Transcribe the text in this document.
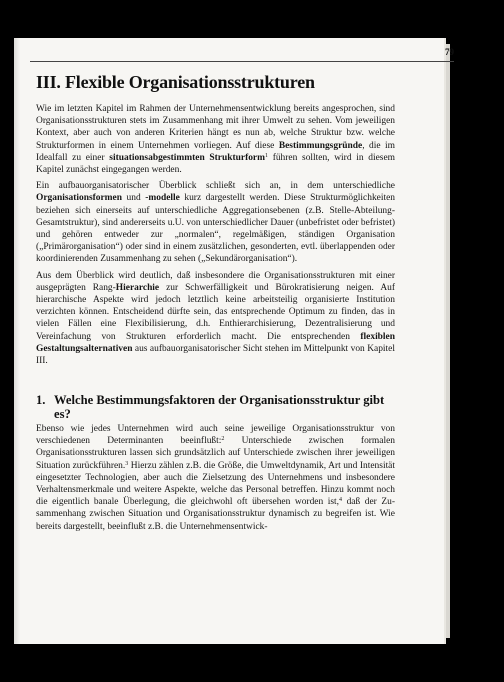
79
III. Flexible Organisationsstrukturen

Wie im letzten Kapitel im Rahmen der Unternehmensentwicklung bereits angesprochen, sind Organisationsstrukturen stets im Zusammenhang mit ihrer Umwelt zu sehen. Vom jeweiligen Kontext, aber auch von anderen Kriterien hängt es nun ab, welche Struktur bzw. welche Strukturformen in einem Unternehmen vorliegen. Auf diese Bestimmungsgründe, die im Idealfall zu einer situationsabgestimmten Strukturform$^1$ führen sollten, wird in diesem Kapitel zunächst eingegangen werden.

Ein aufbauorganisatorischer Überblick schließt sich an, in dem unterschiedliche Organisationsformen und -modelle kurz dargestellt werden. Diese Strukturmöglichkeiten beziehen sich einerseits auf unterschiedliche Aggregationsebenen (z.B. Stelle-Abteilung-Gesamtstruktur), sind andererseits u.U. von unterschiedlicher Dauer (unbefristet oder befristet) und gehören entweder zur „normalen“, regelmäßigen, ständigen Organisation („Primärorganisation“) oder sind in einem zusätzlichen, gesonderten, evtl. überlappenden oder koordinierenden Zusammenhang zu sehen („Sekundärorganisation“).

Aus dem Überblick wird deutlich, daß insbesondere die Organisationsstrukturen mit einer ausgeprägten Rang-Hierarchie zur Schwerfälligkeit und Bürokratisierung neigen. Auf hierarchische Aspekte wird jedoch letztlich keine arbeitsteilig organisierte Institution verzichten können. Entscheidend dürfte sein, das entsprechende Optimum zu finden, das in vielen Fällen eine Flexibilisierung, d.h. Enthierarchisierung, Dezentralisierung und Vereinfachung von Strukturen erforderlich macht. Die entsprechenden flexiblen Gestaltungsalternativen aus aufbauorganisatorischer Sicht stehen im Mittelpunkt von Kapitel III.

1. Welche Bestimmungsfaktoren der Organisationsstruktur gibt es?

Ebenso wie jedes Unternehmen wird auch seine jeweilige Organisationsstruktur von verschiedenen Determinanten beeinflußt:$^2$ Unterschiede zwischen formalen Organisationsstrukturen lassen sich grundsätzlich auf Unterschiede zwischen ihrer jeweiligen Situation zurückführen.$^3$ Hierzu zählen z.B. die Größe, die Umweltdynamik, Art und Intensität eingesetzter Technologien, aber auch die Zielsetzung des Unternehmens und insbesondere Verhaltensmerkmale und weitere Aspekte, welche das Personal betreffen. Hinzu kommt noch die eigentlich banale Überlegung, die gleichwohl oft übersehen worden ist,$^4$ daß der Zusammenhang zwischen Situation und Organisationsstruktur dynamisch zu begreifen ist. Wie bereits dargestellt, beeinflußt z.B. die Unternehmensentwick-
